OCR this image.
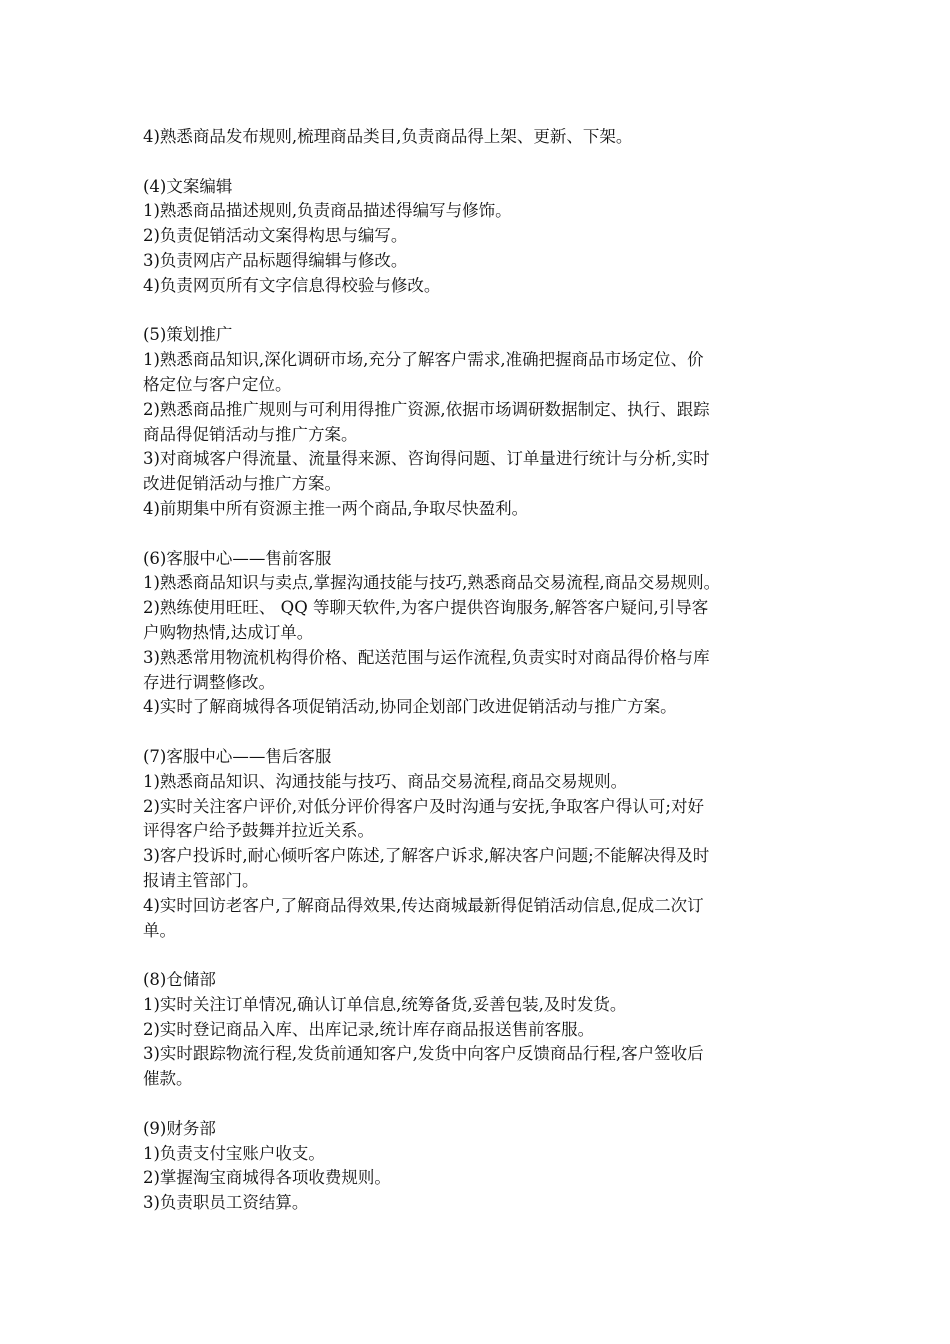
4)熟悉商品发布规则,梳理商品类目,负责商品得上架、更新、下架。
(4)文案编辑
1)熟悉商品描述规则,负责商品描述得编写与修饰。
2)负责促销活动文案得构思与编写。
3)负责网店产品标题得编辑与修改。
4)负责网页所有文字信息得校验与修改。
(5)策划推广
1)熟悉商品知识,深化调研市场,充分了解客户需求,准确把握商品市场定位、价
格定位与客户定位。
2)熟悉商品推广规则与可利用得推广资源,依据市场调研数据制定、执行、跟踪
商品得促销活动与推广方案。
3)对商城客户得流量、流量得来源、咨询得问题、订单量进行统计与分析,实时
改进促销活动与推广方案。
4)前期集中所有资源主推一两个商品,争取尽快盈利。
(6)客服中心——售前客服
1)熟悉商品知识与卖点,掌握沟通技能与技巧,熟悉商品交易流程,商品交易规则。
2)熟练使用旺旺、 QQ 等聊天软件,为客户提供咨询服务,解答客户疑问,引导客
户购物热情,达成订单。
3)熟悉常用物流机构得价格、配送范围与运作流程,负责实时对商品得价格与库
存进行调整修改。
4)实时了解商城得各项促销活动,协同企划部门改进促销活动与推广方案。
(7)客服中心——售后客服
1)熟悉商品知识、沟通技能与技巧、商品交易流程,商品交易规则。
2)实时关注客户评价,对低分评价得客户及时沟通与安抚,争取客户得认可;对好
评得客户给予鼓舞并拉近关系。
3)客户投诉时,耐心倾听客户陈述,了解客户诉求,解决客户问题;不能解决得及时
报请主管部门。
4)实时回访老客户,了解商品得效果,传达商城最新得促销活动信息,促成二次订
单。
(8)仓储部
1)实时关注订单情况,确认订单信息,统筹备货,妥善包装,及时发货。
2)实时登记商品入库、出库记录,统计库存商品报送售前客服。
3)实时跟踪物流行程,发货前通知客户,发货中向客户反馈商品行程,客户签收后
催款。
(9)财务部
1)负责支付宝账户收支。
2)掌握淘宝商城得各项收费规则。
3)负责职员工资结算。
